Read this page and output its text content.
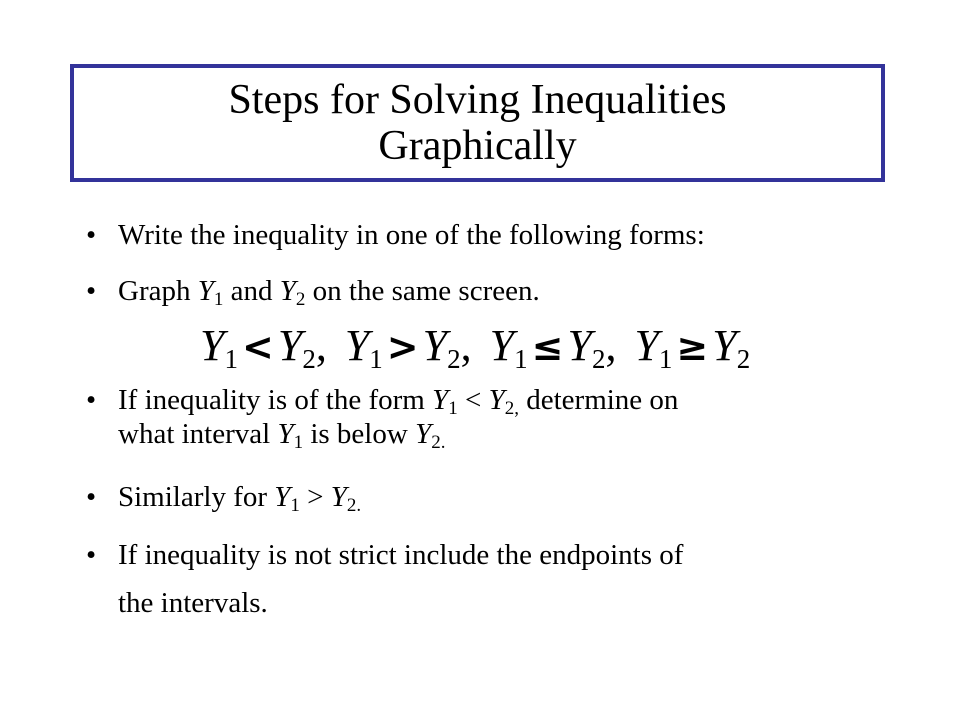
Steps for Solving Inequalities
Graphically
• Write the inequality in one of the following forms:
• Graph $Y_1$ and $Y_2$ on the same screen.
• If inequality is of the form $Y_1 < Y_{2,}$ determine on
what interval $Y_1$ is below $Y_{2.}$
• Similarly for $Y_1 > Y_{2.}$
• If inequality is not strict include the endpoints of
the intervals.
$Y_1 <Y_2$, $Y_1 >Y_2$, $Y_1 \le Y_2$, $Y_1 \ge Y_2$
